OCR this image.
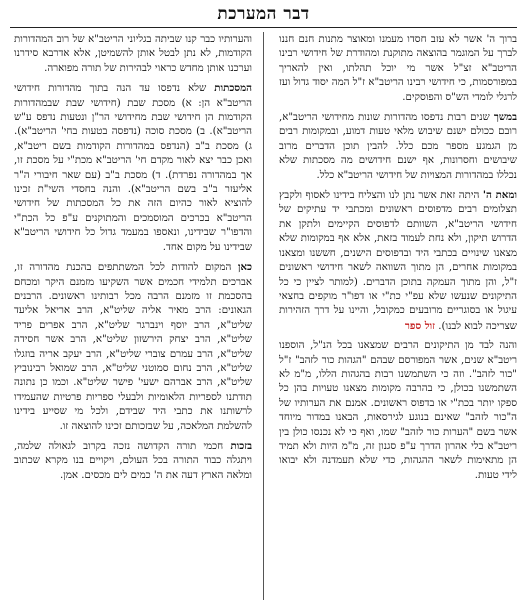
דבר המערכת

ברוך ה' אשר לא עזב חסדו מעמנו ומאוצר מתנות חנם חננו לברך על המוגמר בהוצאה מתוקנת ומהודרת של חידושי רבינו הריטב"א זצ"ל אשר מי יוכל תהלתו, ואין להאריך במפורסמות, כי חידושי רבינו הריטב"א ז"ל המה יסוד גדול ועז לרגלי לומדי הש"ס והפוסקים.

במשך שנים רבות נדפסו מהדורות שונות מחידושי הריטב"א, רובם ככולם ישנם שיבוש מלאי טעות דמוע, ובמקומות רבים מן הגמגע מספר מכם כלל. להבין תוכן הדברים מרוב שיבושים וחסרונות, אף ישנם חידושים מה מסכתות שלא נכללו במהדורות המצויות של חידושי הריטב"א כלל.

ומאת ה' היתה זאת אשר נתן לנו והצליח בידינו לאסוף ולקבץ תצלומים רבים מדפוסים ראשונים ומכתבי יד עתיקים של חידושי הריטב"א, השוותם לדפוסים הקיימים ולתקן את הדרוש תיקון, ולא נחת לעמוד בזאת, אלא אף במקומות שלא מצאנו שינויים בכתבי היד ובדפוסים הישנים, חששנו ומצאנו במקומות אחרים, הן מתוך השוואה לשאר חידושי ראשונים ז"ל, והן מתוך העמקה בתוכן הדברים. (למותר לציין כי כל התיקונים שנעשו שלא עפ"י כת"י או דפו"ר מוקפים בחצאי עיגול או בסוגריים מרובעים כמקובל, והיינו על דרך הזהירות שצריכה לבוא לבנו). זול ספר

והנה לבד מן התיקונים הרבים שמצאנו בכל הנ"ל, הוספנו ריטב"א שנים, אשר המפורסם שבהם "הגהות כור לזהב" ז"ל "כור לזהב". וזה כי השתמשנו רבות בהגהות הללו, מ"מ לא השתמשנו בכולן, כי בהרבה מקומות מצאנו טעויות בהן כל ספקו יותר בכת"י או בדפוס ראשונים. אמנם את הערותיו של ה"כור לזהב" שאינם בנוגע לגירסאות, הבאנו במדור מיוחד אשר בשם "הערות כור לזהב" שמו, ואף כי לא נכנסו כולן בין ריטב"א בלי אהרון הדרך ע"פ סגנון זה, מ"מ היות ולא תמיד הן מתאימות לשאר ההגהות, כדי שלא תעמדנה ולא יבואו לידי טעות.

והערותיו כבר קנו שביתה בגליוני הריטב"א של רוב המהדורות הקודמות, לא נתן לבטל אותן להשמיטן, אלא אדרבא סידרנו וערכנו אותן מחדש כראוי לבהירות של תורה מפוארה.

המסכתות שלא נדפסו עד הנה בתוך מהדורות חידושי הריטב"א הן: א) מסכת שבת (חידושי שבת שבמהדורות הקודמות הן חידושי שבת מחידושי הר"ן ונטעות נדפס ע"ש הריטב"א). ב) מסכת סוכה (נדפסה בטעות בחי' הריטב"א). ג) מסכת ב"ב (הנדפס במהדורות הקודמות בשם ריטב"א, ואכן כבר יצא לאור מקדם חי' הריטב"א מכת"י על מסכת זו, אך במהדורה נפרדת). ד) מסכת ב"ב (עם שאר חיבורי ה"ר אליעזר ב"ב בשם הריטב"א). והנה בחסדי השי"ת זכינו להוציא לאור כהיום הזה את כל המסכתות של חידושי הריטב"א בכרכים המוסמכים והמתוקנים ע"פ כל הכת"י והדפו"ר שבידינו, ונאספו במעמד גדול כל חידושי הריטב"א שבידינו על מקום אחד.

כאן המקום להודות לכל המשתתפים בהכנת מהדורה זו, אברכים תלמידי חכמים אשר השקיעו מזמנם היקר ומכחם בהסכמת זו מזמנם הרבה מכל רבותינו ראשונים. הרבנים הגאונים: הרב מאיר אליה שליט"א, הרב אריאל אליעד שליט"א, הרב יוסף וינברגר שליט"א, הרב אפרים פריד שליט"א, הרב יצחק הירשזון שליט"א, הרב אשר חסידה שליט"א, הרב עמרם צוברי שליט"א, הרב יעקב אריה בוזגלו שליט"א, הרב נחום סמוטני שליט"א, הרב שמואל רבינוביץ שליט"א, הרב אברהם ישעי' פישר שליט"א. וכמו כן נתונה תודתנו לספריות הלאומיות ולבעלי ספריות פרטיות שהעמידו לרשותנו את כתבי היד שבידם, ולכל מי שסייע בידינו להשלמת המלאכה, על שבזכותם זכינו להוצאה זו.

בזכות חכמי תורה הקדושה נזכה בקרוב לגאולה שלמה, ויתגלה כבוד התורה בכל העולם, ויקויים בנו מקרא שכתוב ומלאה הארץ דעה את ה' כמים לים מכסים. אמן.
